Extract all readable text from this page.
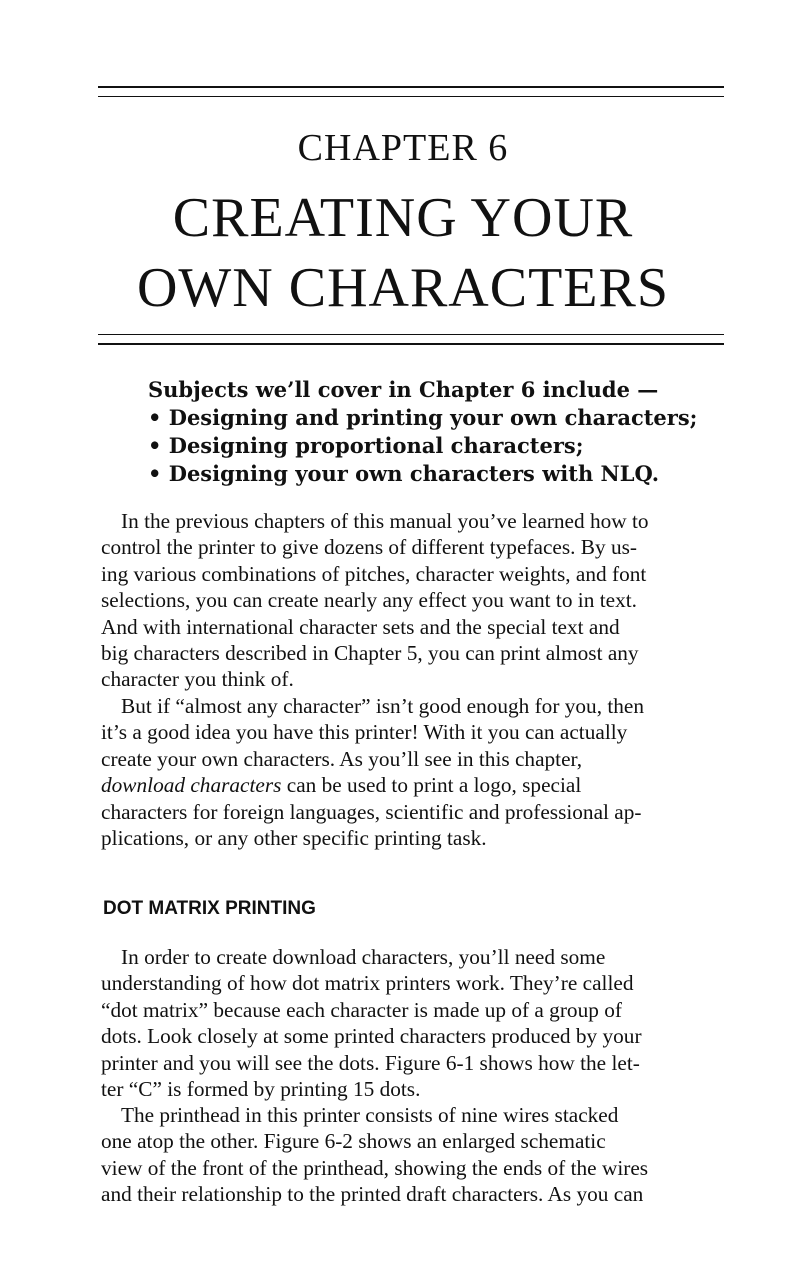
CHAPTER 6
CREATING YOUR
OWN CHARACTERS
Subjects we’ll cover in Chapter 6 include —
• Designing and printing your own characters;
• Designing proportional characters;
• Designing your own characters with NLQ.
In the previous chapters of this manual you’ve learned how to
control the printer to give dozens of different typefaces. By us-
ing various combinations of pitches, character weights, and font
selections, you can create nearly any effect you want to in text.
And with international character sets and the special text and
big characters described in Chapter 5, you can print almost any
character you think of.
But if “almost any character” isn’t good enough for you, then
it’s a good idea you have this printer! With it you can actually
create your own characters. As you’ll see in this chapter,
download characters can be used to print a logo, special
characters for foreign languages, scientific and professional ap-
plications, or any other specific printing task.
DOT MATRIX PRINTING
In order to create download characters, you’ll need some
understanding of how dot matrix printers work. They’re called
“dot matrix” because each character is made up of a group of
dots. Look closely at some printed characters produced by your
printer and you will see the dots. Figure 6-1 shows how the let-
ter “C” is formed by printing 15 dots.
The printhead in this printer consists of nine wires stacked
one atop the other. Figure 6-2 shows an enlarged schematic
view of the front of the printhead, showing the ends of the wires
and their relationship to the printed draft characters. As you can
